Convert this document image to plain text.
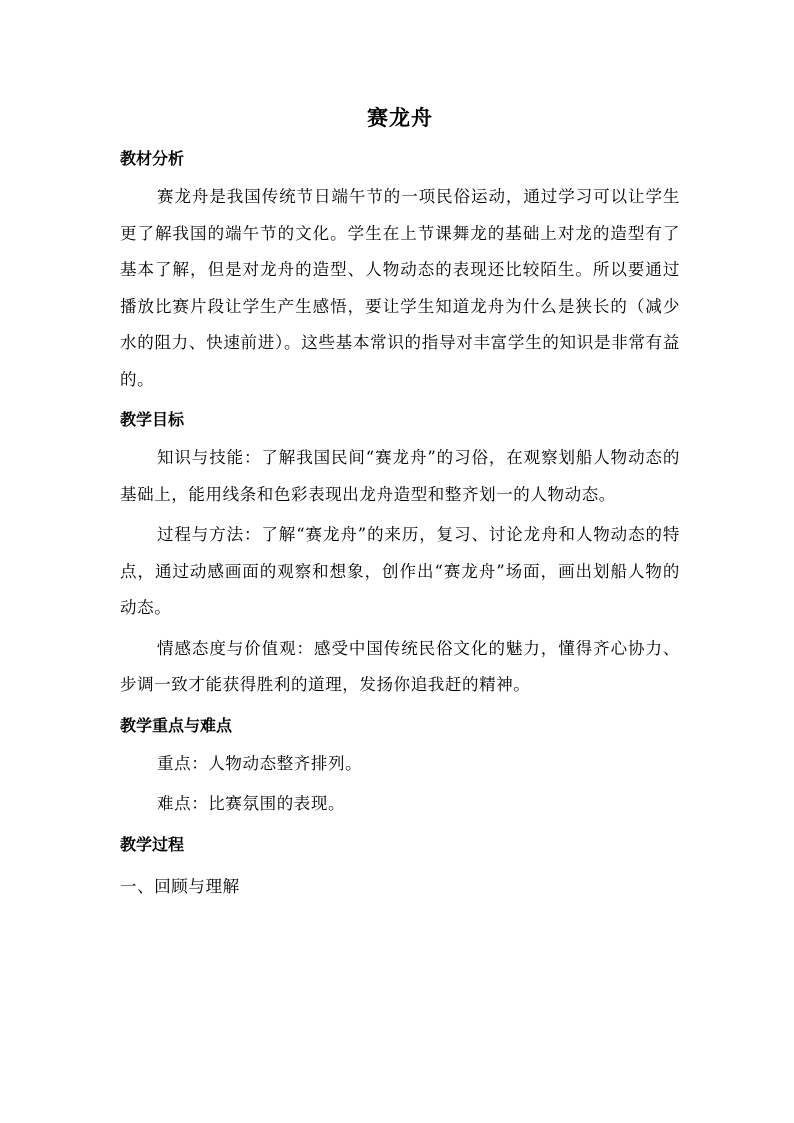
赛龙舟
教材分析

赛龙舟是我国传统节日端午节的一项民俗运动，通过学习可以让学生更了解我国的端午节的文化。学生在上节课舞龙的基础上对龙的造型有了基本了解，但是对龙舟的造型、人物动态的表现还比较陌生。所以要通过播放比赛片段让学生产生感悟，要让学生知道龙舟为什么是狭长的（减少水的阻力、快速前进）。这些基本常识的指导对丰富学生的知识是非常有益的。

教学目标

知识与技能：了解我国民间“赛龙舟”的习俗，在观察划船人物动态的基础上，能用线条和色彩表现出龙舟造型和整齐划一的人物动态。

过程与方法：了解“赛龙舟”的来历，复习、讨论龙舟和人物动态的特点，通过动感画面的观察和想象，创作出“赛龙舟”场面，画出划船人物的动态。

情感态度与价值观：感受中国传统民俗文化的魅力，懂得齐心协力、步调一致才能获得胜利的道理，发扬你追我赶的精神。

教学重点与难点

重点：人物动态整齐排列。

难点：比赛氛围的表现。

教学过程

一、回顾与理解
